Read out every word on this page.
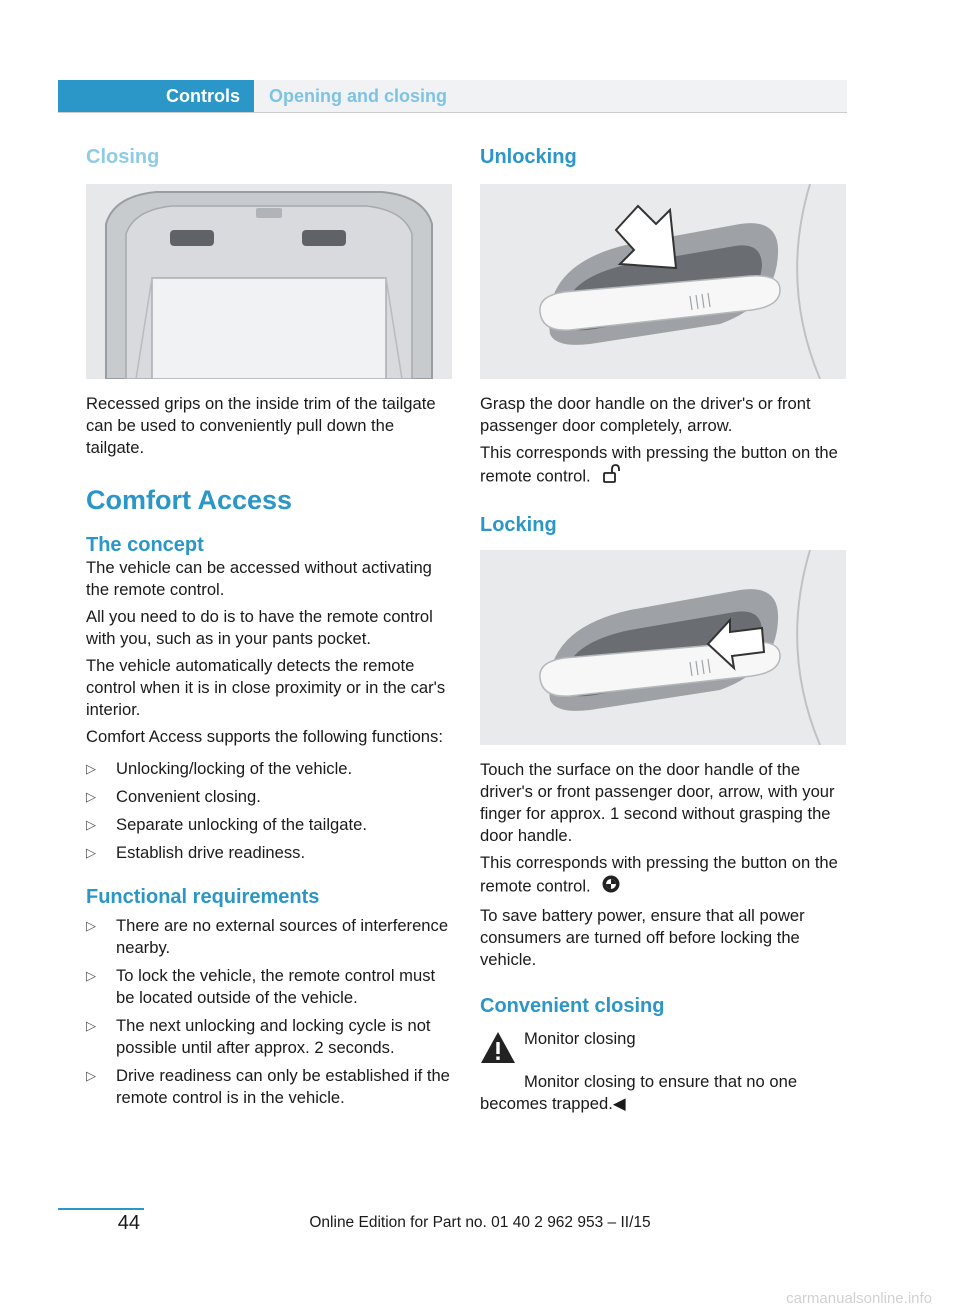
Controls Opening and closing
Closing

Recessed grips on the inside trim of the tailgate can be used to conveniently pull down the tailgate.

Comfort Access
The concept

The vehicle can be accessed without activating the remote control.

All you need to do is to have the remote control with you, such as in your pants pocket.

The vehicle automatically detects the remote control when it is in close proximity or in the car's interior.

Comfort Access supports the following functions:

▷ Unlocking/locking of the vehicle.
▷ Convenient closing.
▷ Separate unlocking of the tailgate.
▷ Establish drive readiness.
Functional requirements
▷ There are no external sources of interference nearby.
▷ To lock the vehicle, the remote control must be located outside of the vehicle.
▷ The next unlocking and locking cycle is not possible until after approx. 2 seconds.
▷ Drive readiness can only be established if the remote control is in the vehicle.
Unlocking

Grasp the door handle on the driver's or front passenger door completely, arrow.

This corresponds with pressing the button on the remote control.

Locking

Touch the surface on the door handle of the driver's or front passenger door, arrow, with your finger for approx. 1 second without grasping the door handle.

This corresponds with pressing the button on the remote control.

To save battery power, ensure that all power consumers are turned off before locking the vehicle.

Convenient closing

Monitor closing

Monitor closing to ensure that no one becomes trapped.◀

44	Online Edition for Part no. 01 40 2 962 953 – II/15
carmanualsonline.info
